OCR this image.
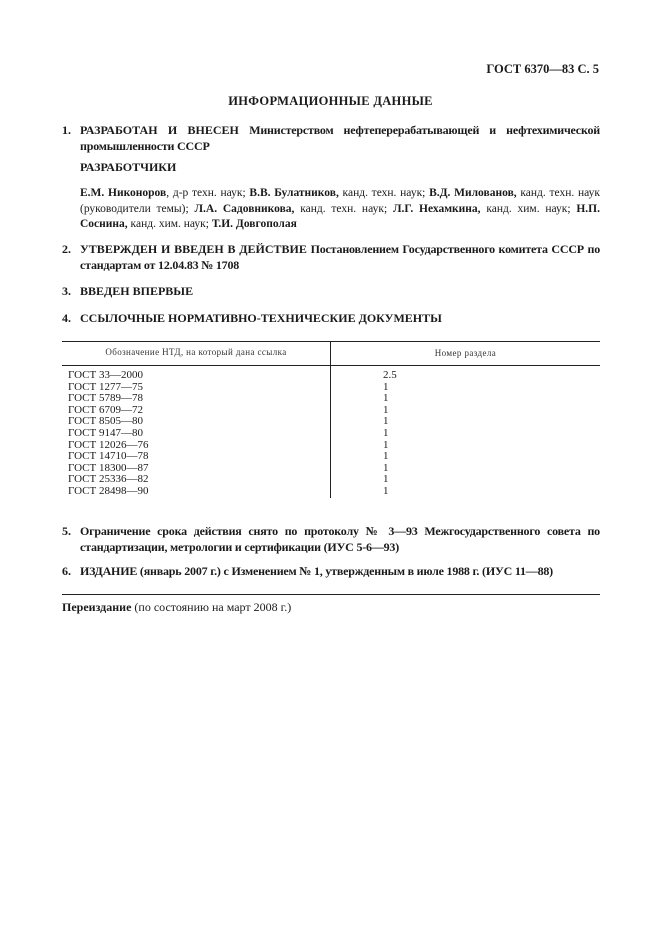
ГОСТ 6370—83 С. 5
ИНФОРМАЦИОННЫЕ ДАННЫЕ
1. РАЗРАБОТАН И ВНЕСЕН Министерством нефтеперерабатывающей и нефтехимической промышленности СССР
РАЗРАБОТЧИКИ
Е.М. Никоноров, д-р техн. наук; В.В. Булатников, канд. техн. наук; В.Д. Милованов, канд. техн. наук (руководители темы); Л.А. Садовникова, канд. техн. наук; Л.Г. Нехамкина, канд. хим. наук; Н.П. Соснина, канд. хим. наук; Т.И. Довгополая
2. УТВЕРЖДЕН И ВВЕДЕН В ДЕЙСТВИЕ Постановлением Государственного комитета СССР по стандартам от 12.04.83 № 1708
3. ВВЕДЕН ВПЕРВЫЕ
4. ССЫЛОЧНЫЕ НОРМАТИВНО-ТЕХНИЧЕСКИЕ ДОКУМЕНТЫ
Обозначение НТД, на который дана ссылка	Номер раздела
ГОСТ 33—2000	2.5
ГОСТ 1277—75	1
ГОСТ 5789—78	1
ГОСТ 6709—72	1
ГОСТ 8505—80	1
ГОСТ 9147—80	1
ГОСТ 12026—76	1
ГОСТ 14710—78	1
ГОСТ 18300—87	1
ГОСТ 25336—82	1
ГОСТ 28498—90	1
5. Ограничение срока действия снято по протоколу № 3—93 Межгосударственного совета по стандартизации, метрологии и сертификации (ИУС 5-6—93)
6. ИЗДАНИЕ (январь 2007 г.) с Изменением № 1, утвержденным в июле 1988 г. (ИУС 11—88)
Переиздание (по состоянию на март 2008 г.)
